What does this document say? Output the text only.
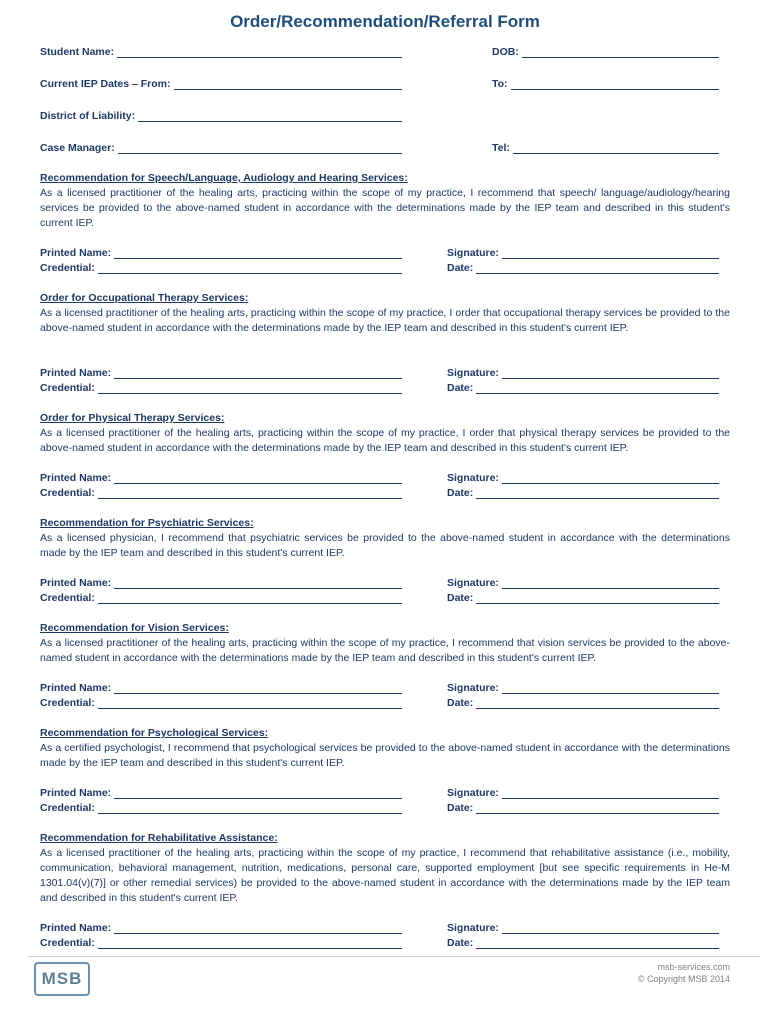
Order/Recommendation/Referral Form
Student Name:	DOB:
Current IEP Dates – From:	To:
District of Liability:
Case Manager:	Tel:
Recommendation for Speech/Language, Audiology and Hearing Services:
As a licensed practitioner of the healing arts, practicing within the scope of my practice, I recommend that speech/ language/audiology/hearing services be provided to the above-named student in accordance with the determinations made by the IEP team and described in this student's current IEP.
Printed Name:	Signature:
Credential:	Date:
Order for Occupational Therapy Services:
As a licensed practitioner of the healing arts, practicing within the scope of my practice, I order that occupational therapy services be provided to the above-named student in accordance with the determinations made by the IEP team and described in this student's current IEP.
Printed Name:	Signature:
Credential:	Date:
Order for Physical Therapy Services:
As a licensed practitioner of the healing arts, practicing within the scope of my practice, I order that physical therapy services be provided to the above-named student in accordance with the determinations made by the IEP team and described in this student's current IEP.
Printed Name:	Signature:
Credential:	Date:
Recommendation for Psychiatric Services:
As a licensed physician, I recommend that psychiatric services be provided to the above-named student in accordance with the determinations made by the IEP team and described in this student's current IEP.
Printed Name:	Signature:
Credential:	Date:
Recommendation for Vision Services:
As a licensed practitioner of the healing arts, practicing within the scope of my practice, I recommend that vision services be provided to the above-named student in accordance with the determinations made by the IEP team and described in this student's current IEP.
Printed Name:	Signature:
Credential:	Date:
Recommendation for Psychological Services:
As a certified psychologist, I recommend that psychological services be provided to the above-named student in accordance with the determinations made by the IEP team and described in this student's current IEP.
Printed Name:	Signature:
Credential:	Date:
Recommendation for Rehabilitative Assistance:
As a licensed practitioner of the healing arts, practicing within the scope of my practice, I recommend that rehabilitative assistance (i.e., mobility, communication, behavioral management, nutrition, medications, personal care, supported employment [but see specific requirements in He-M 1301.04(v)(7)] or other remedial services) be provided to the above-named student in accordance with the determinations made by the IEP team and described in this student's current IEP.
Printed Name:	Signature:
Credential:	Date:
MSB
msb-services.com
© Copyright MSB 2014
